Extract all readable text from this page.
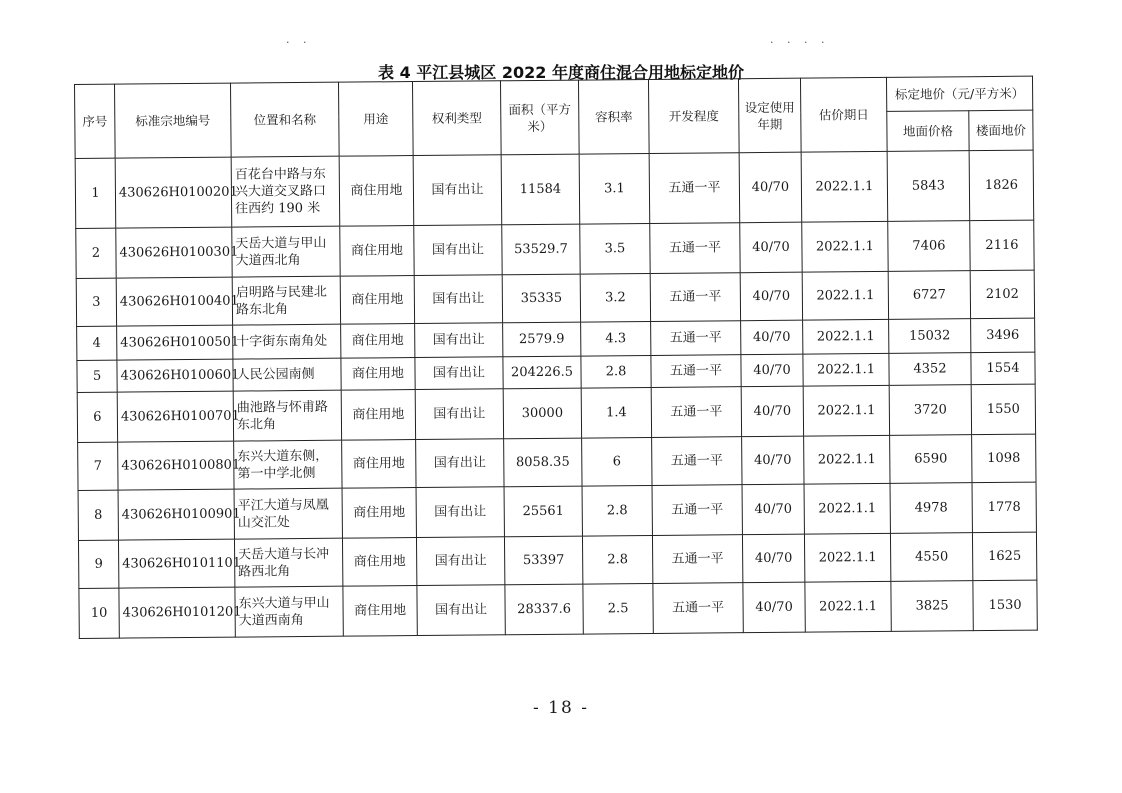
· ·	· · · ·
表 4 平江县城区 2022 年度商住混合用地标定地价
序号	标准宗地编号	位置和名称	用途	权利类型	面积（平方米）	容积率	开发程度	设定使用年期	估价期日	标定地价（元/平方米）	
										地面价格	楼面地价
1	430626H0100201	百花台中路与东兴大道交叉路口往西约 190 米	商住用地	国有出让	11584	3.1	五通一平	40/70	2022.1.1	5843	1826
2	430626H0100301	天岳大道与甲山大道西北角	商住用地	国有出让	53529.7	3.5	五通一平	40/70	2022.1.1	7406	2116
3	430626H0100401	启明路与民建北路东北角	商住用地	国有出让	35335	3.2	五通一平	40/70	2022.1.1	6727	2102
4	430626H0100501	十字街东南角处	商住用地	国有出让	2579.9	4.3	五通一平	40/70	2022.1.1	15032	3496
5	430626H0100601	人民公园南侧	商住用地	国有出让	204226.5	2.8	五通一平	40/70	2022.1.1	4352	1554
6	430626H0100701	曲池路与怀甫路东北角	商住用地	国有出让	30000	1.4	五通一平	40/70	2022.1.1	3720	1550
7	430626H0100801	东兴大道东侧，第一中学北侧	商住用地	国有出让	8058.35	6	五通一平	40/70	2022.1.1	6590	1098
8	430626H0100901	平江大道与凤凰山交汇处	商住用地	国有出让	25561	2.8	五通一平	40/70	2022.1.1	4978	1778
9	430626H0101101	天岳大道与长冲路西北角	商住用地	国有出让	53397	2.8	五通一平	40/70	2022.1.1	4550	1625
10	430626H0101201	东兴大道与甲山大道西南角	商住用地	国有出让	28337.6	2.5	五通一平	40/70	2022.1.1	3825	1530
- 18 -
